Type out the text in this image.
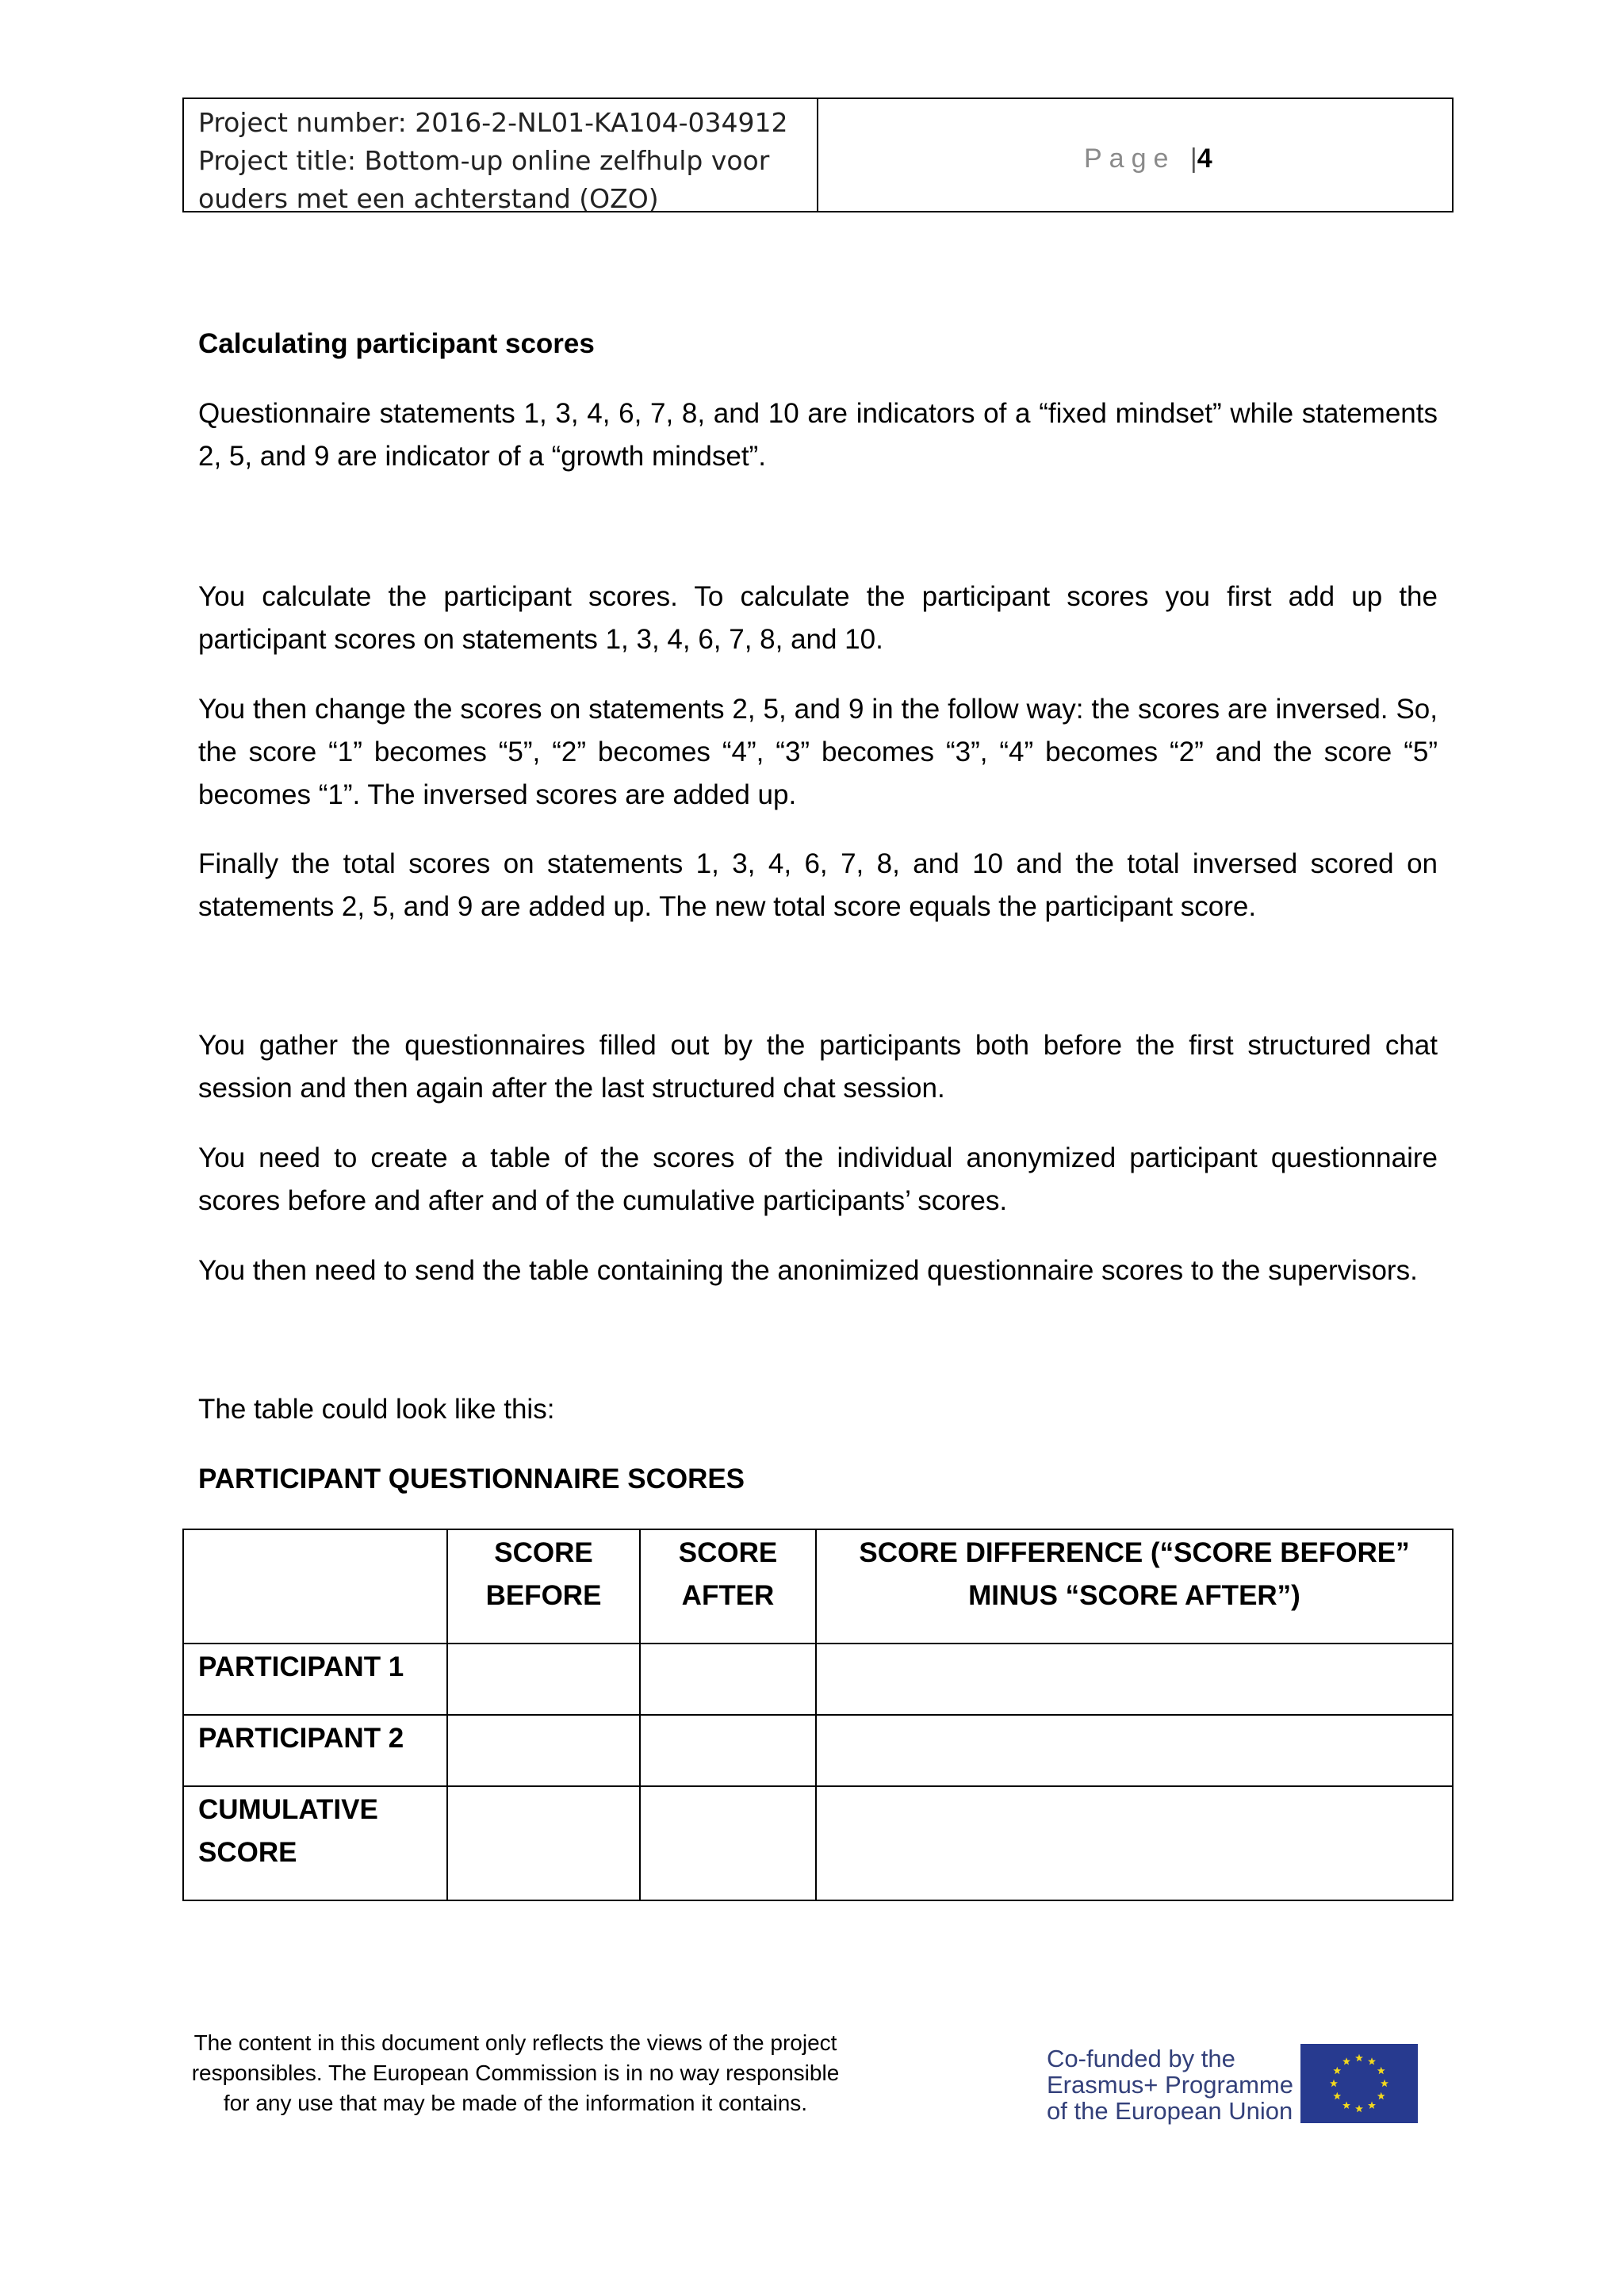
Project number: 2016-2-NL01-KA104-034912
Project title: Bottom-up online zelfhulp voor
ouders met een achterstand (OZO)
Page |4
Calculating participant scores
Questionnaire statements 1, 3, 4, 6, 7, 8, and 10 are indicators of a “fixed mindset” while statements 2, 5, and 9 are indicator of a “growth mindset”.
You calculate the participant scores. To calculate the participant scores you first add up the participant scores on statements 1, 3, 4, 6, 7, 8, and 10.
You then change the scores on statements 2, 5, and 9 in the follow way: the scores are inversed. So, the score “1” becomes “5”, “2” becomes “4”, “3” becomes “3”, “4” becomes “2” and the score “5” becomes “1”. The inversed scores are added up.
Finally the total scores on statements 1, 3, 4, 6, 7, 8, and 10 and the total inversed scored on statements 2, 5, and 9 are added up. The new total score equals the participant score.
You gather the questionnaires filled out by the participants both before the first structured chat session and then again after the last structured chat session.
You need to create a table of the scores of the individual anonymized participant questionnaire scores before and after and of the cumulative participants’ scores.
You then need to send the table containing the anonimized questionnaire scores to the supervisors.
The table could look like this:
PARTICIPANT QUESTIONNAIRE SCORES
	SCORE BEFORE	SCORE AFTER	SCORE DIFFERENCE (“SCORE BEFORE” MINUS “SCORE AFTER”)
PARTICIPANT 1			
PARTICIPANT 2			
CUMULATIVE SCORE			
The content in this document only reflects the views of the project responsibles. The European Commission is in no way responsible for any use that may be made of the information it contains.
Co-funded by the
Erasmus+ Programme
of the European Union
